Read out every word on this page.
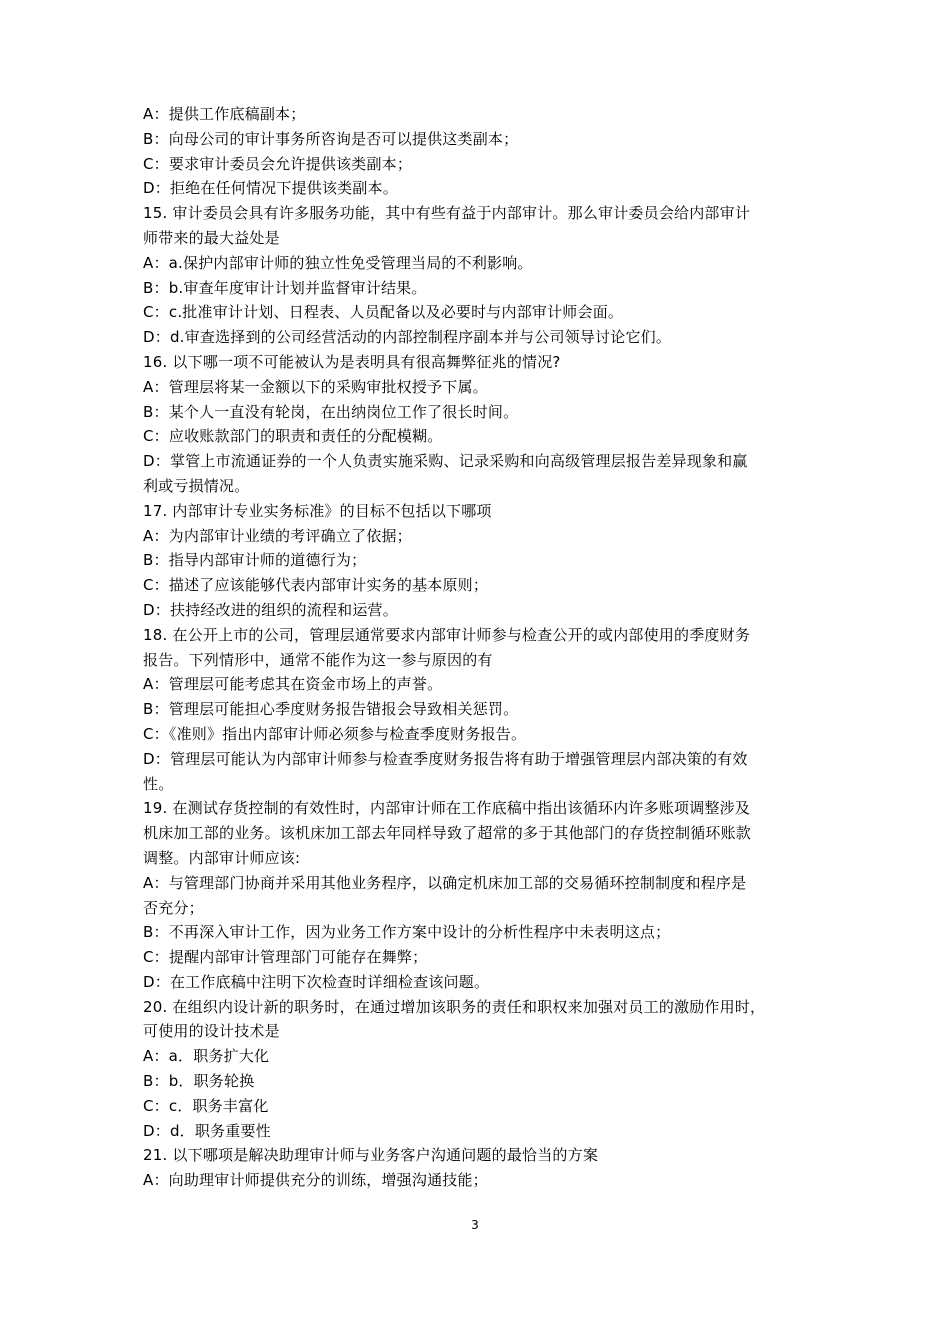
A：提供工作底稿副本；
B：向母公司的审计事务所咨询是否可以提供这类副本；
C：要求审计委员会允许提供该类副本；
D：拒绝在任何情况下提供该类副本。
15. 审计委员会具有许多服务功能，其中有些有益于内部审计。那么审计委员会给内部审计
师带来的最大益处是
A：a.保护内部审计师的独立性免受管理当局的不利影响。
B：b.审查年度审计计划并监督审计结果。
C：c.批准审计计划、日程表、人员配备以及必要时与内部审计师会面。
D：d.审查选择到的公司经营活动的内部控制程序副本并与公司领导讨论它们。
16. 以下哪一项不可能被认为是表明具有很高舞弊征兆的情况?
A：管理层将某一金额以下的采购审批权授予下属。
B：某个人一直没有轮岗，在出纳岗位工作了很长时间。
C：应收账款部门的职责和责任的分配模糊。
D：掌管上市流通证券的一个人负责实施采购、记录采购和向高级管理层报告差异现象和赢
利或亏损情况。
17. 内部审计专业实务标准》的目标不包括以下哪项
A：为内部审计业绩的考评确立了依据；
B：指导内部审计师的道德行为；
C：描述了应该能够代表内部审计实务的基本原则；
D：扶持经改进的组织的流程和运营。
18. 在公开上市的公司，管理层通常要求内部审计师参与检查公开的或内部使用的季度财务
报告。下列情形中，通常不能作为这一参与原因的有
A：管理层可能考虑其在资金市场上的声誉。
B：管理层可能担心季度财务报告错报会导致相关惩罚。
C：《准则》指出内部审计师必须参与检查季度财务报告。
D：管理层可能认为内部审计师参与检查季度财务报告将有助于增强管理层内部决策的有效
性。
19. 在测试存货控制的有效性时，内部审计师在工作底稿中指出该循环内许多账项调整涉及
机床加工部的业务。该机床加工部去年同样导致了超常的多于其他部门的存货控制循环账款
调整。内部审计师应该:
A：与管理部门协商并采用其他业务程序，以确定机床加工部的交易循环控制制度和程序是
否充分；
B：不再深入审计工作，因为业务工作方案中设计的分析性程序中未表明这点；
C：提醒内部审计管理部门可能存在舞弊；
D：在工作底稿中注明下次检查时详细检查该问题。
20. 在组织内设计新的职务时，在通过增加该职务的责任和职权来加强对员工的激励作用时，
可使用的设计技术是
A：a．职务扩大化
B：b．职务轮换
C：c．职务丰富化
D：d．职务重要性
21. 以下哪项是解决助理审计师与业务客户沟通问题的最恰当的方案
A：向助理审计师提供充分的训练，增强沟通技能；
3
